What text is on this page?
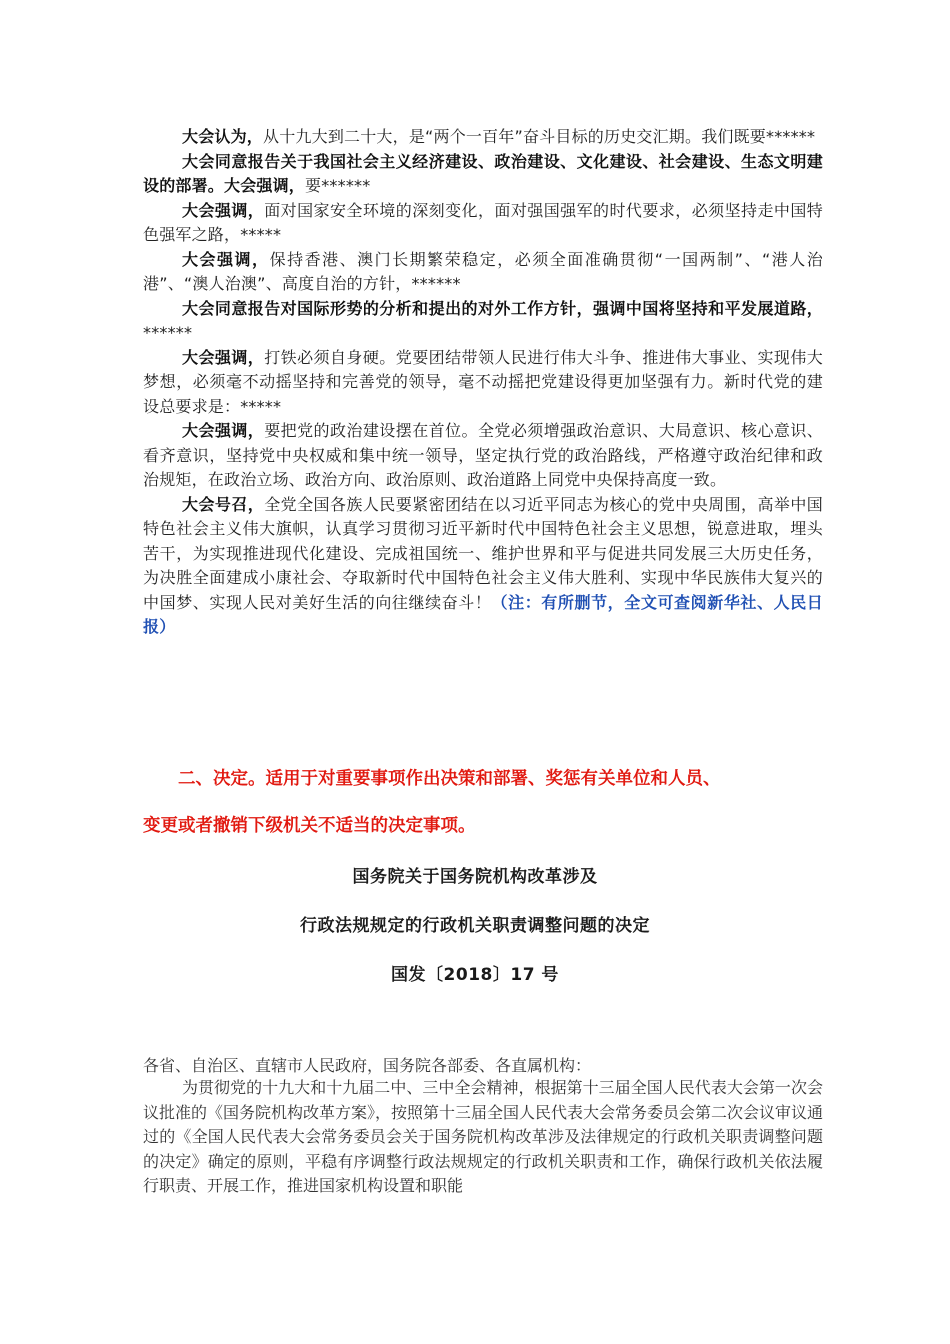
大会认为，从十九大到二十大，是“两个一百年”奋斗目标的历史交汇期。我们既要******

大会同意报告关于我国社会主义经济建设、政治建设、文化建设、社会建设、生态文明建设的部署。大会强调，要******

大会强调，面对国家安全环境的深刻变化，面对强国强军的时代要求，必须坚持走中国特色强军之路，*****

大会强调，保持香港、澳门长期繁荣稳定，必须全面准确贯彻“一国两制”、“港人治港”、“澳人治澳”、高度自治的方针，******

大会同意报告对国际形势的分析和提出的对外工作方针，强调中国将坚持和平发展道路，******

大会强调，打铁必须自身硬。党要团结带领人民进行伟大斗争、推进伟大事业、实现伟大梦想，必须毫不动摇坚持和完善党的领导，毫不动摇把党建设得更加坚强有力。新时代党的建设总要求是：*****

大会强调，要把党的政治建设摆在首位。全党必须增强政治意识、大局意识、核心意识、看齐意识，坚持党中央权威和集中统一领导，坚定执行党的政治路线，严格遵守政治纪律和政治规矩，在政治立场、政治方向、政治原则、政治道路上同党中央保持高度一致。

大会号召，全党全国各族人民要紧密团结在以习近平同志为核心的党中央周围，高举中国特色社会主义伟大旗帜，认真学习贯彻习近平新时代中国特色社会主义思想，锐意进取，埋头苦干，为实现推进现代化建设、完成祖国统一、维护世界和平与促进共同发展三大历史任务，为决胜全面建成小康社会、夺取新时代中国特色社会主义伟大胜利、实现中华民族伟大复兴的中国梦、实现人民对美好生活的向往继续奋斗！（注：有所删节，全文可查阅新华社、人民日报）

二、决定。适用于对重要事项作出决策和部署、奖惩有关单位和人员、
变更或者撤销下级机关不适当的决定事项。
国务院关于国务院机构改革涉及
行政法规规定的行政机关职责调整问题的决定
国发〔2018〕17 号
各省、自治区、直辖市人民政府，国务院各部委、各直属机构：

为贯彻党的十九大和十九届二中、三中全会精神，根据第十三届全国人民代表大会第一次会议批准的《国务院机构改革方案》，按照第十三届全国人民代表大会常务委员会第二次会议审议通过的《全国人民代表大会常务委员会关于国务院机构改革涉及法律规定的行政机关职责调整问题的决定》确定的原则，平稳有序调整行政法规规定的行政机关职责和工作，确保行政机关依法履行职责、开展工作，推进国家机构设置和职能
